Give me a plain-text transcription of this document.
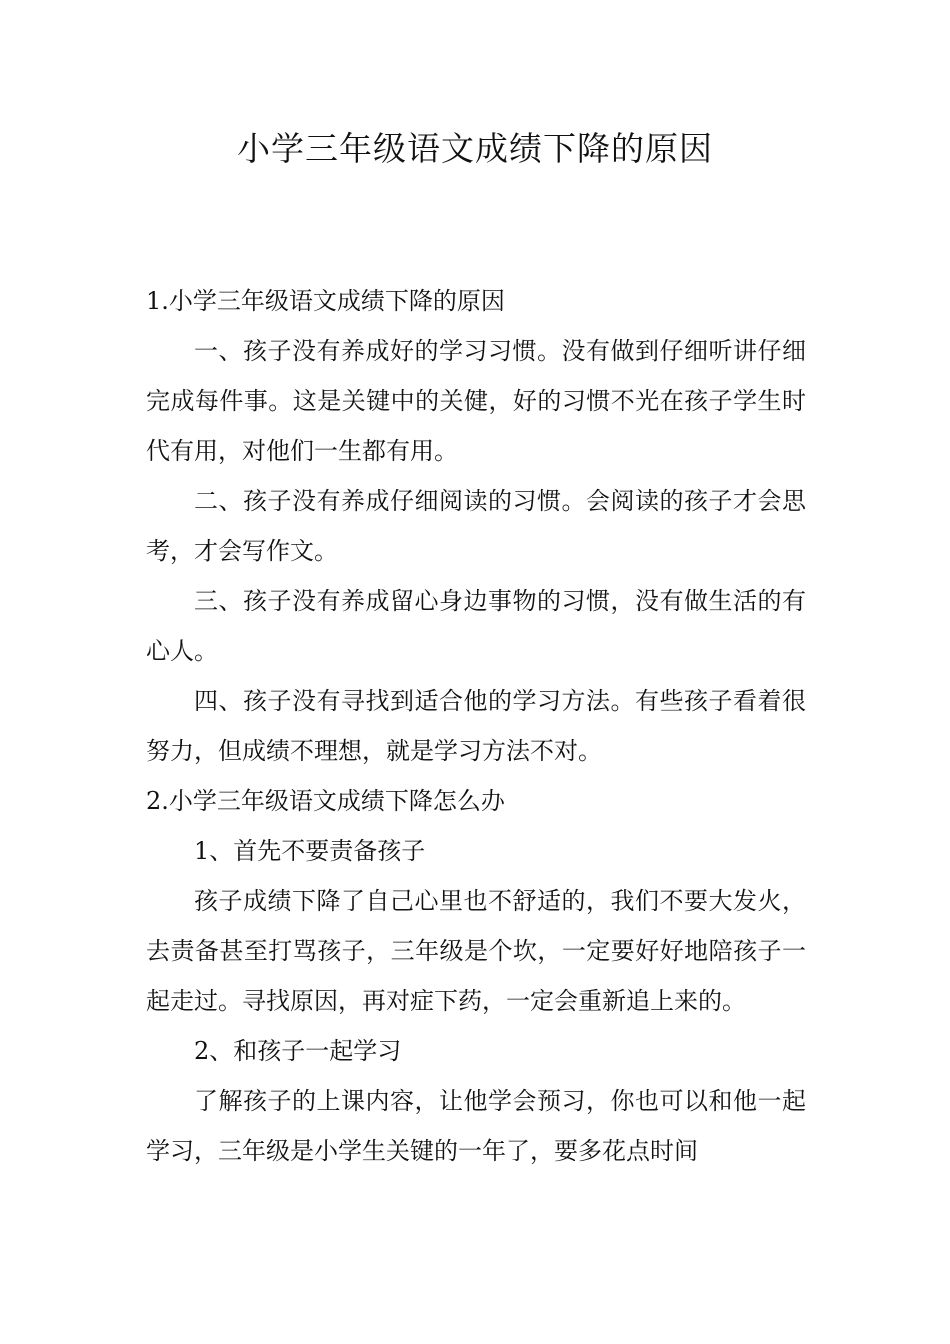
小学三年级语文成绩下降的原因

1.小学三年级语文成绩下降的原因

一、孩子没有养成好的学习习惯。没有做到仔细听讲仔细完成每件事。这是关键中的关健，好的习惯不光在孩子学生时代有用，对他们一生都有用。

二、孩子没有养成仔细阅读的习惯。会阅读的孩子才会思考，才会写作文。

三、孩子没有养成留心身边事物的习惯，没有做生活的有心人。

四、孩子没有寻找到适合他的学习方法。有些孩子看着很努力，但成绩不理想，就是学习方法不对。

2.小学三年级语文成绩下降怎么办

1、首先不要责备孩子

孩子成绩下降了自己心里也不舒适的，我们不要大发火，去责备甚至打骂孩子，三年级是个坎，一定要好好地陪孩子一起走过。寻找原因，再对症下药，一定会重新追上来的。

2、和孩子一起学习

了解孩子的上课内容，让他学会预习，你也可以和他一起学习，三年级是小学生关键的一年了，要多花点时间
